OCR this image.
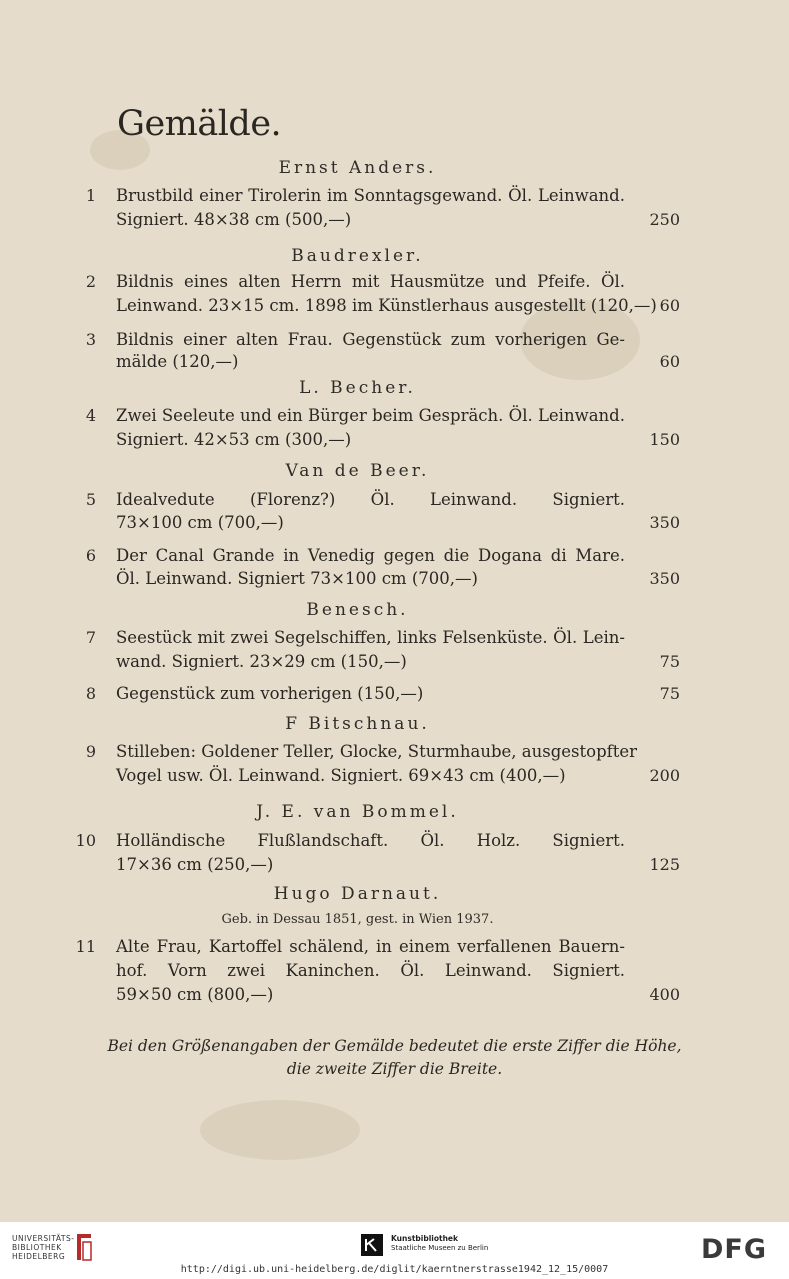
Gemälde.
Ernst Anders.
1 Brustbild einer Tirolerin im Sonntagsgewand. Öl. Leinwand.
Signiert. 48×38 cm (500,—)	250
Baudrexler.
2 Bildnis eines alten Herrn mit Hausmütze und Pfeife. Öl.
Leinwand. 23×15 cm. 1898 im Künstlerhaus ausgestellt (120,—) 60
3 Bildnis einer alten Frau. Gegenstück zum vorherigen Ge-
mälde (120,—)	60
L. Becher.
4 Zwei Seeleute und ein Bürger beim Gespräch. Öl. Leinwand.
Signiert. 42×53 cm (300,—)	150
Van de Beer.
5 Idealvedute (Florenz?) Öl. Leinwand. Signiert.
73×100 cm (700,—)	350
6 Der Canal Grande in Venedig gegen die Dogana di Mare.
Öl. Leinwand. Signiert 73×100 cm (700,—)	350
Benesch.
7 Seestück mit zwei Segelschiffen, links Felsenküste. Öl. Lein-
wand. Signiert. 23×29 cm (150,—)	75
8 Gegenstück zum vorherigen (150,—)	75
F Bitschnau.
9 Stilleben: Goldener Teller, Glocke, Sturmhaube, ausgestopfter
Vogel usw. Öl. Leinwand. Signiert. 69×43 cm (400,—)	200
J. E. van Bommel.
10 Holländische Flußlandschaft. Öl. Holz. Signiert.
17×36 cm (250,—)	125
Hugo Darnaut.
Geb. in Dessau 1851, gest. in Wien 1937.
11 Alte Frau, Kartoffel schälend, in einem verfallenen Bauern-
hof. Vorn zwei Kaninchen. Öl. Leinwand. Signiert.
59×50 cm (800,—)	400
Bei den Größenangaben der Gemälde bedeutet die erste Ziffer die Höhe,
die zweite Ziffer die Breite.
UNIVERSITÄTS-
BIBLIOTHEK
HEIDELBERG
Kunstbibliothek
Staatliche Museen zu Berlin	DFG
http://digi.ub.uni-heidelberg.de/diglit/kaerntnerstrasse1942_12_15/0007
